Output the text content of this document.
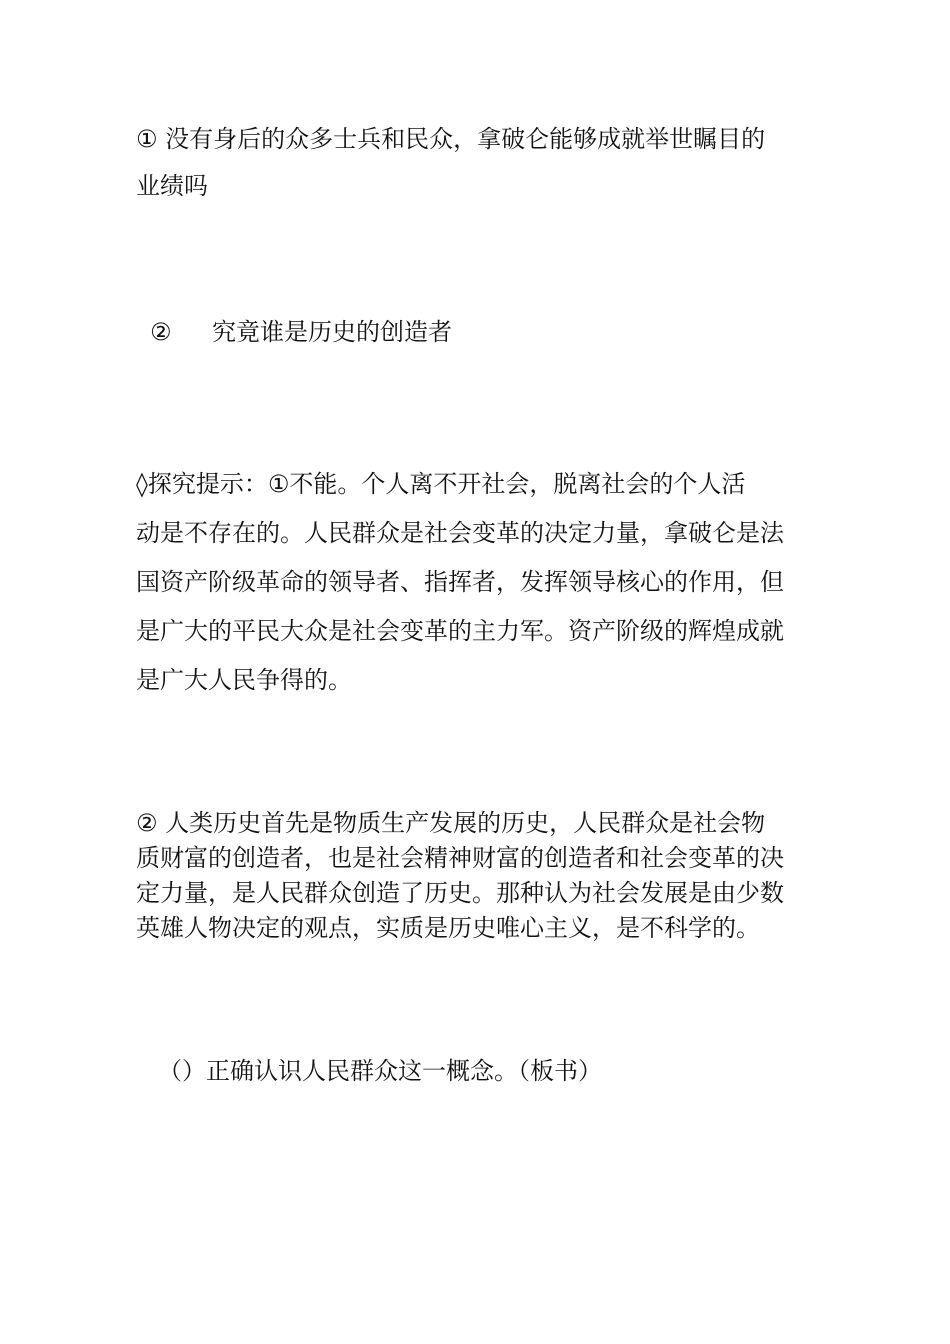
① 没有身后的众多士兵和民众，拿破仑能够成就举世瞩目的
业绩吗

② 究竟谁是历史的创造者

◊探究提示：①不能。个人离不开社会，脱离社会的个人活
动是不存在的。人民群众是社会变革的决定力量，拿破仑是法
国资产阶级革命的领导者、指挥者，发挥领导核心的作用，但
是广大的平民大众是社会变革的主力军。资产阶级的辉煌成就
是广大人民争得的。

② 人类历史首先是物质生产发展的历史，人民群众是社会物
质财富的创造者，也是社会精神财富的创造者和社会变革的决
定力量，是人民群众创造了历史。那种认为社会发展是由少数
英雄人物决定的观点，实质是历史唯心主义，是不科学的。

（）正确认识人民群众这一概念。（板书）
